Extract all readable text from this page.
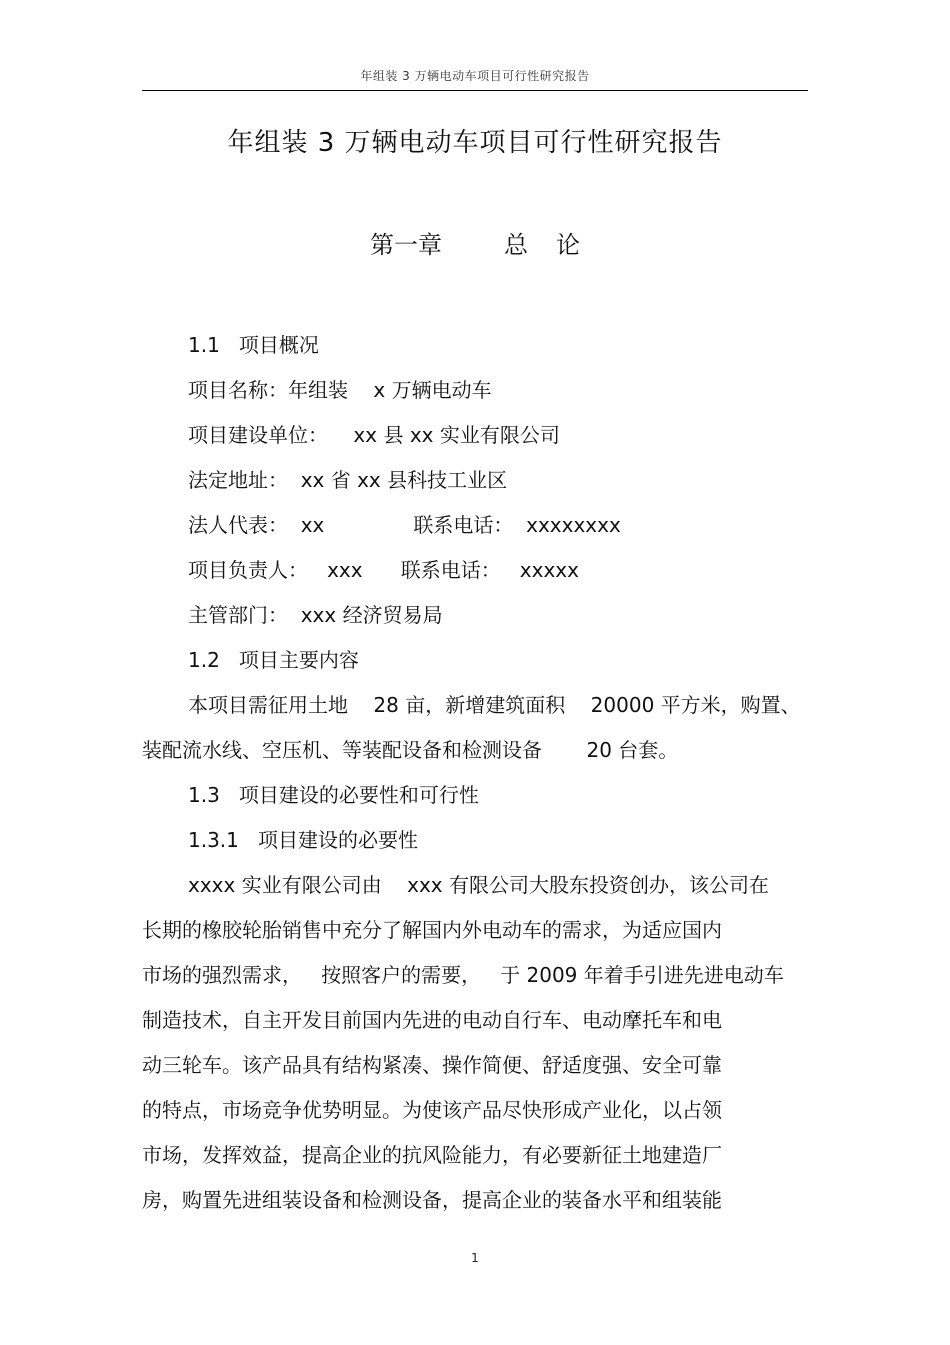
年组装 3 万辆电动车项目可行性研究报告
年组装 3 万辆电动车项目可行性研究报告
第一章	总 论
1.1   项目概况
项目名称：年组装    x 万辆电动车
项目建设单位：    xx 县 xx 实业有限公司
法定地址：  xx 省 xx 县科技工业区
法人代表：  xx              联系电话：  xxxxxxxx
项目负责人：   xxx      联系电话：   xxxxx
主管部门：  xxx 经济贸易局
1.2   项目主要内容
本项目需征用土地    28 亩，新增建筑面积    20000 平方米，购置、
装配流水线、空压机、等装配设备和检测设备       20 台套。
1.3   项目建设的必要性和可行性
1.3.1   项目建设的必要性
xxxx 实业有限公司由    xxx 有限公司大股东投资创办，该公司在
长期的橡胶轮胎销售中充分了解国内外电动车的需求，为适应国内
市场的强烈需求，   按照客户的需要，   于 2009 年着手引进先进电动车
制造技术，自主开发目前国内先进的电动自行车、电动摩托车和电
动三轮车。该产品具有结构紧凑、操作简便、舒适度强、安全可靠
的特点，市场竞争优势明显。为使该产品尽快形成产业化，以占领
市场，发挥效益，提高企业的抗风险能力，有必要新征土地建造厂
房，购置先进组装设备和检测设备，提高企业的装备水平和组装能
1
